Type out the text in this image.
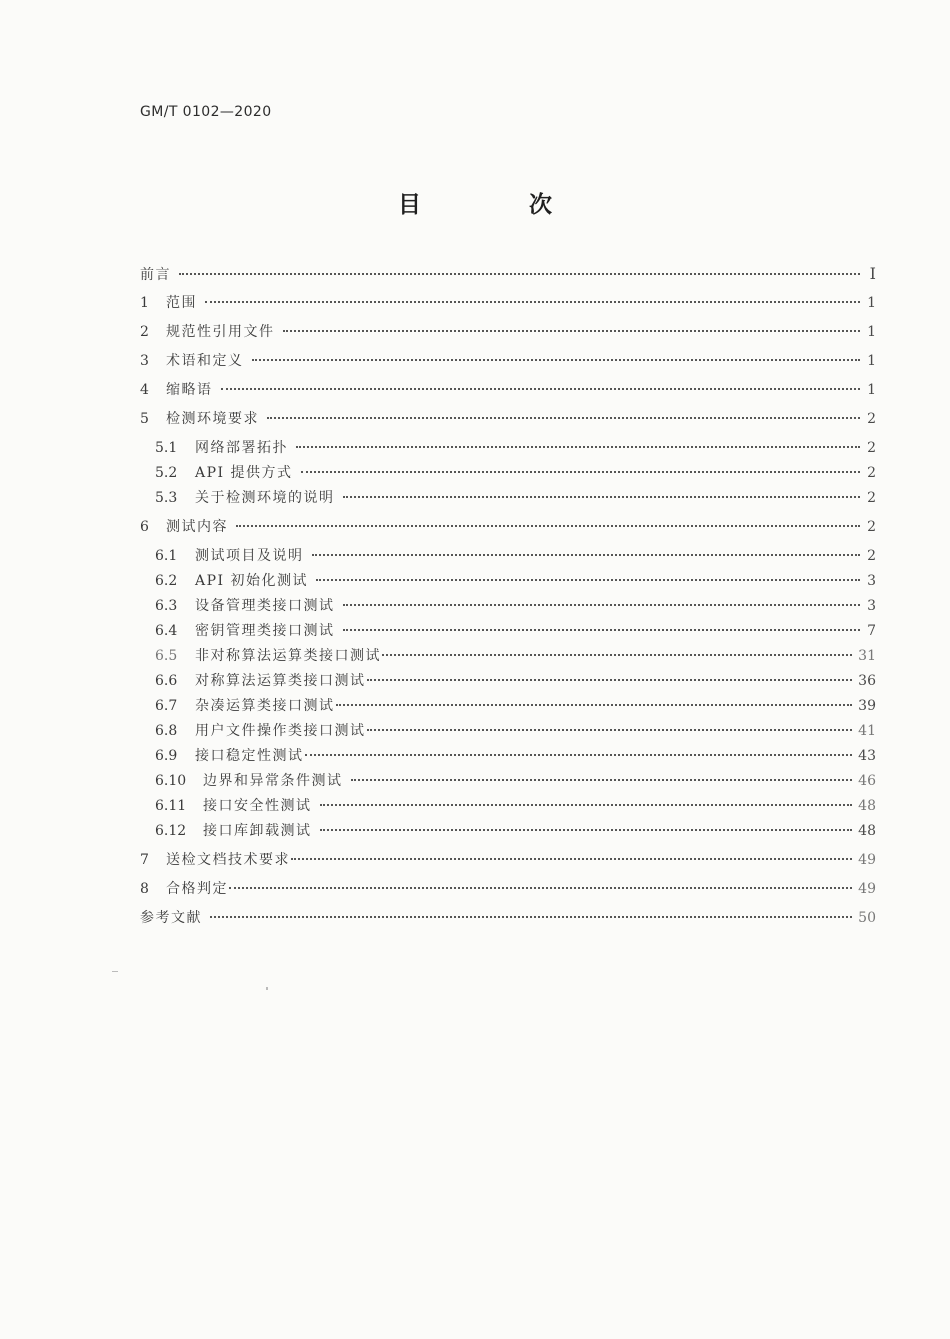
GM/T 0102—2020
目 次
前言	I
1	范围	1
2	规范性引用文件	1
3	术语和定义	1
4	缩略语	1
5	检测环境要求	2
5.1	网络部署拓扑	2
5.2	API 提供方式	2
5.3	关于检测环境的说明	2
6	测试内容	2
6.1	测试项目及说明	2
6.2	API 初始化测试	3
6.3	设备管理类接口测试	3
6.4	密钥管理类接口测试	7
6.5	非对称算法运算类接口测试	31
6.6	对称算法运算类接口测试	36
6.7	杂凑运算类接口测试	39
6.8	用户文件操作类接口测试	41
6.9	接口稳定性测试	43
6.10	边界和异常条件测试	46
6.11	接口安全性测试	48
6.12	接口库卸载测试	48
7	送检文档技术要求	49
8	合格判定	49
参考文献	50
